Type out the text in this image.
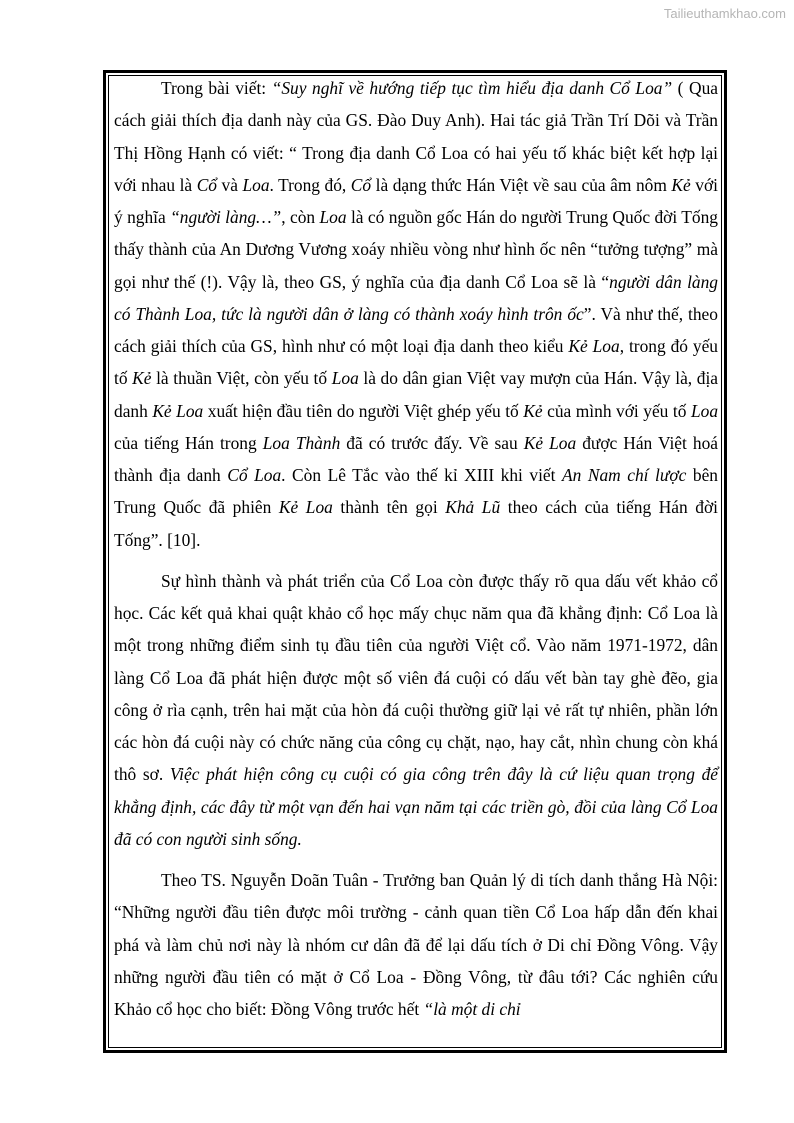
Tailieuthamkhao.com

Trong bài viết: “Suy nghĩ về hướng tiếp tục tìm hiểu địa danh Cổ Loa” ( Qua cách giải thích địa danh này của GS. Đào Duy Anh). Hai tác giả Trần Trí Dõi và Trần Thị Hồng Hạnh có viết: “ Trong địa danh Cổ Loa có hai yếu tố khác biệt kết hợp lại với nhau là Cổ và Loa. Trong đó, Cổ là dạng thức Hán Việt về sau của âm nôm Kẻ với ý nghĩa “người làng…”, còn Loa là có nguồn gốc Hán do người Trung Quốc đời Tống thấy thành của An Dương Vương xoáy nhiều vòng như hình ốc nên “tưởng tượng” mà gọi như thế (!). Vậy là, theo GS, ý nghĩa của địa danh Cổ Loa sẽ là “người dân làng có Thành Loa, tức là người dân ở làng có thành xoáy hình trôn ốc”. Và như thế, theo cách giải thích của GS, hình như có một loại địa danh theo kiểu Kẻ Loa, trong đó yếu tố Kẻ là thuần Việt, còn yếu tố Loa là do dân gian Việt vay mượn của Hán. Vậy là, địa danh Kẻ Loa xuất hiện đầu tiên do người Việt ghép yếu tố Kẻ của mình với yếu tố Loa của tiếng Hán trong Loa Thành đã có trước đấy. Về sau Kẻ Loa được Hán Việt hoá thành địa danh Cổ Loa. Còn Lê Tắc vào thế kỉ XIII khi viết An Nam chí lược bên Trung Quốc đã phiên Kẻ Loa thành tên gọi Khả Lũ theo cách của tiếng Hán đời Tống”. [10].

Sự hình thành và phát triển của Cổ Loa còn được thấy rõ qua dấu vết khảo cổ học. Các kết quả khai quật khảo cổ học mấy chục năm qua đã khẳng định: Cổ Loa là một trong những điểm sinh tụ đầu tiên của người Việt cổ. Vào năm 1971-1972, dân làng Cổ Loa đã phát hiện được một số viên đá cuội có dấu vết bàn tay ghè đẽo, gia công ở rìa cạnh, trên hai mặt của hòn đá cuội thường giữ lại vẻ rất tự nhiên, phần lớn các hòn đá cuội này có chức năng của công cụ chặt, nạo, hay cắt, nhìn chung còn khá thô sơ. Việc phát hiện công cụ cuội có gia công trên đây là cứ liệu quan trọng để khẳng định, các đây từ một vạn đến hai vạn năm tại các triền gò, đồi của làng Cổ Loa đã có con người sinh sống.

Theo TS. Nguyễn Doãn Tuân - Trưởng ban Quản lý di tích danh thắng Hà Nội: “Những người đầu tiên được môi trường - cảnh quan tiền Cổ Loa hấp dẫn đến khai phá và làm chủ nơi này là nhóm cư dân đã để lại dấu tích ở Di chỉ Đồng Vông. Vậy những người đầu tiên có mặt ở Cổ Loa - Đồng Vông, từ đâu tới? Các nghiên cứu Khảo cổ học cho biết: Đồng Vông trước hết “là một di chỉ
